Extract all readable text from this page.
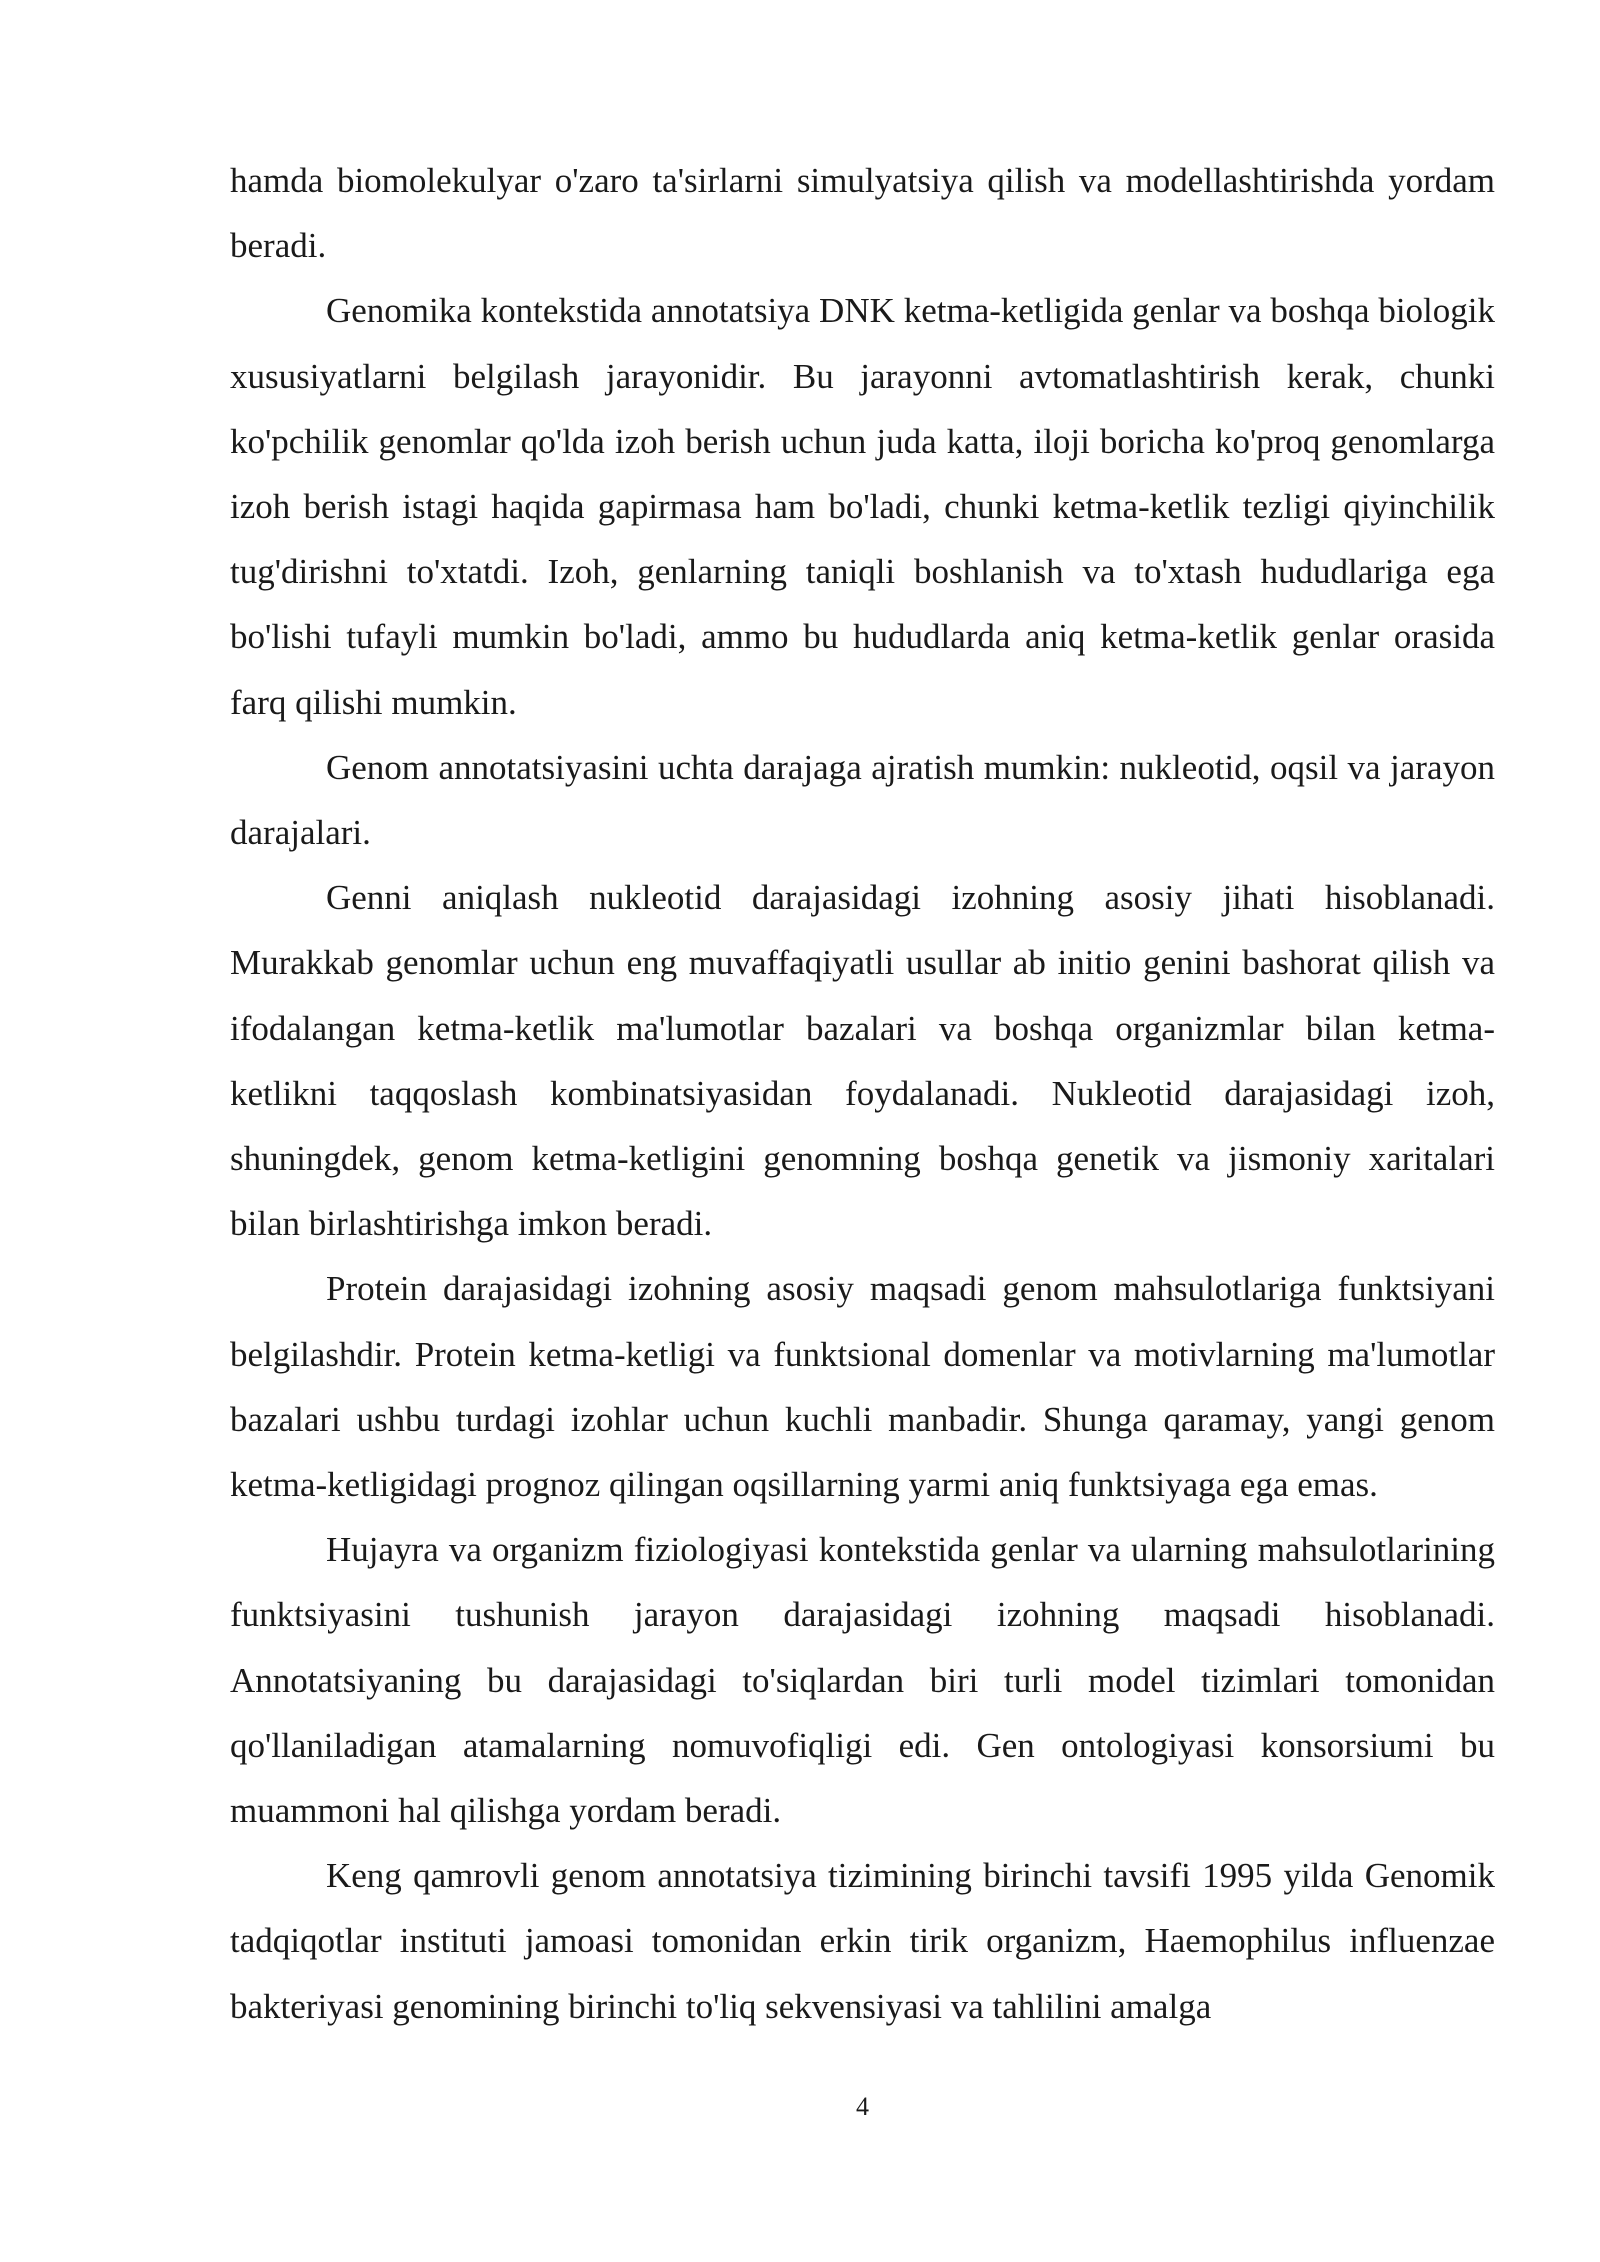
hamda biomolekulyar o'zaro ta'sirlarni simulyatsiya qilish va modellashtirishda yordam beradi.

Genomika kontekstida annotatsiya DNK ketma-ketligida genlar va boshqa biologik xususiyatlarni belgilash jarayonidir. Bu jarayonni avtomatlashtirish kerak, chunki ko'pchilik genomlar qo'lda izoh berish uchun juda katta, iloji boricha ko'proq genomlarga izoh berish istagi haqida gapirmasa ham bo'ladi, chunki ketma-ketlik tezligi qiyinchilik tug'dirishni to'xtatdi. Izoh, genlarning taniqli boshlanish va to'xtash hududlariga ega bo'lishi tufayli mumkin bo'ladi, ammo bu hududlarda aniq ketma-ketlik genlar orasida farq qilishi mumkin.

Genom annotatsiyasini uchta darajaga ajratish mumkin: nukleotid, oqsil va jarayon darajalari.

Genni aniqlash nukleotid darajasidagi izohning asosiy jihati hisoblanadi. Murakkab genomlar uchun eng muvaffaqiyatli usullar ab initio genini bashorat qilish va ifodalangan ketma-ketlik ma'lumotlar bazalari va boshqa organizmlar bilan ketma-ketlikni taqqoslash kombinatsiyasidan foydalanadi. Nukleotid darajasidagi izoh, shuningdek, genom ketma-ketligini genomning boshqa genetik va jismoniy xaritalari bilan birlashtirishga imkon beradi.

Protein darajasidagi izohning asosiy maqsadi genom mahsulotlariga funktsiyani belgilashdir. Protein ketma-ketligi va funktsional domenlar va motivlarning ma'lumotlar bazalari ushbu turdagi izohlar uchun kuchli manbadir. Shunga qaramay, yangi genom ketma-ketligidagi prognoz qilingan oqsillarning yarmi aniq funktsiyaga ega emas.

Hujayra va organizm fiziologiyasi kontekstida genlar va ularning mahsulotlarining funktsiyasini tushunish jarayon darajasidagi izohning maqsadi hisoblanadi. Annotatsiyaning bu darajasidagi to'siqlardan biri turli model tizimlari tomonidan qo'llaniladigan atamalarning nomuvofiqligi edi. Gen ontologiyasi konsorsiumi bu muammoni hal qilishga yordam beradi.

Keng qamrovli genom annotatsiya tizimining birinchi tavsifi 1995 yilda Genomik tadqiqotlar instituti jamoasi tomonidan erkin tirik organizm, Haemophilus influenzae bakteriyasi genomining birinchi to'liq sekvensiyasi va tahlilini amalga

4
